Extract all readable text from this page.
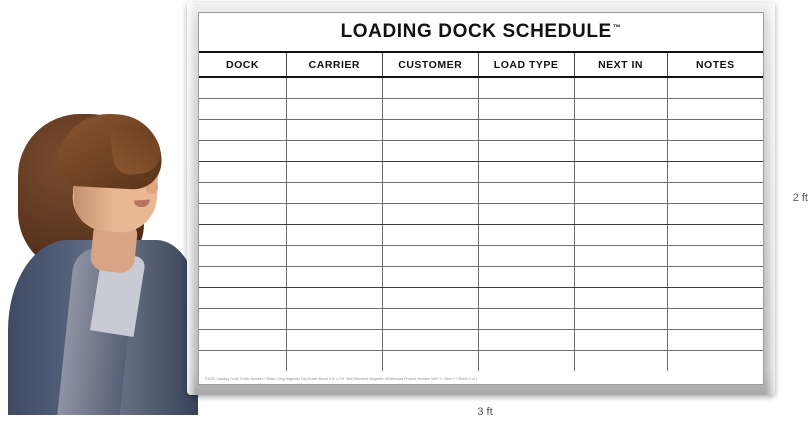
LOADING DOCK SCHEDULE™
DOCK	CARRIER	CUSTOMER	LOAD TYPE	NEXT IN	NOTES

©2021 Loading Dock Traffic Number / Static Cling Magnetic Dry-Erase Board 3 ft. x 2 ft. Wall Mounted Magnetic Whiteboard Product Number MSF-1 / Item 1 / Sheet 1 of 1
3 ft
2 ft
